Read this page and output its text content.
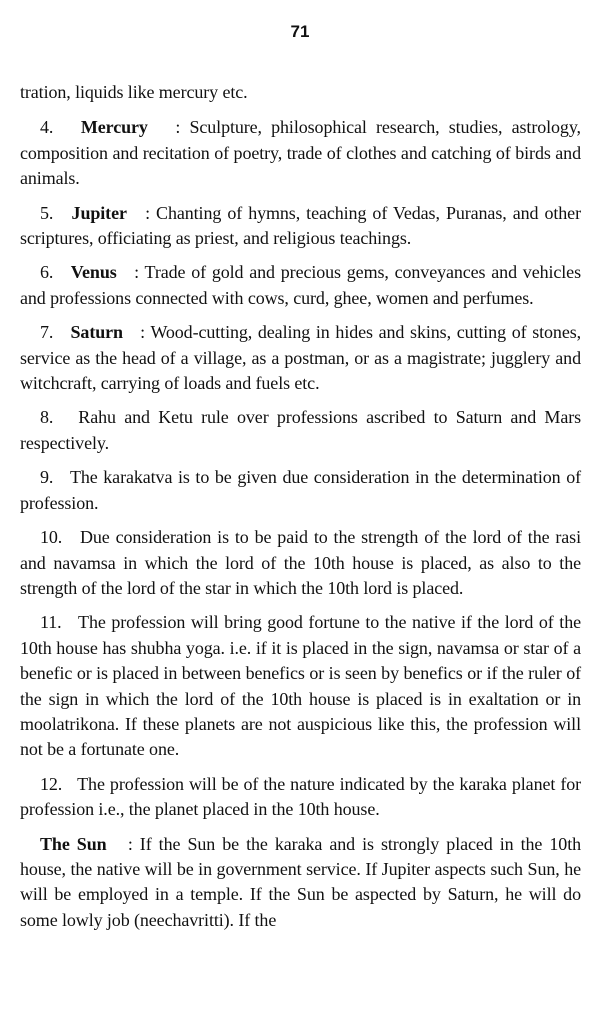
71

tration, liquids like mercury etc.

4. Mercury : Sculpture, philosophical research, studies, astrology, composition and recitation of poetry, trade of clothes and catching of birds and animals.

5. Jupiter : Chanting of hymns, teaching of Vedas, Puranas, and other scriptures, officiating as priest, and religious teachings.

6. Venus : Trade of gold and precious gems, conveyances and vehicles and professions connected with cows, curd, ghee, women and perfumes.

7. Saturn : Wood-cutting, dealing in hides and skins, cutting of stones, service as the head of a village, as a postman, or as a magistrate; jugglery and witchcraft, carrying of loads and fuels etc.

8. Rahu and Ketu rule over professions ascribed to Saturn and Mars respectively.

9. The karakatva is to be given due consideration in the determination of profession.

10. Due consideration is to be paid to the strength of the lord of the rasi and navamsa in which the lord of the 10th house is placed, as also to the strength of the lord of the star in which the 10th lord is placed.

11. The profession will bring good fortune to the native if the lord of the 10th house has shubha yoga. i.e. if it is placed in the sign, navamsa or star of a benefic or is placed in between benefics or is seen by benefics or if the ruler of the sign in which the lord of the 10th house is placed is in exaltation or in moolatrikona. If these planets are not auspicious like this, the profession will not be a fortunate one.

12. The profession will be of the nature indicated by the karaka planet for profession i.e., the planet placed in the 10th house.

The Sun : If the Sun be the karaka and is strongly placed in the 10th house, the native will be in government service. If Jupiter aspects such Sun, he will be employed in a temple. If the Sun be aspected by Saturn, he will do some lowly job (neechavritti). If the
